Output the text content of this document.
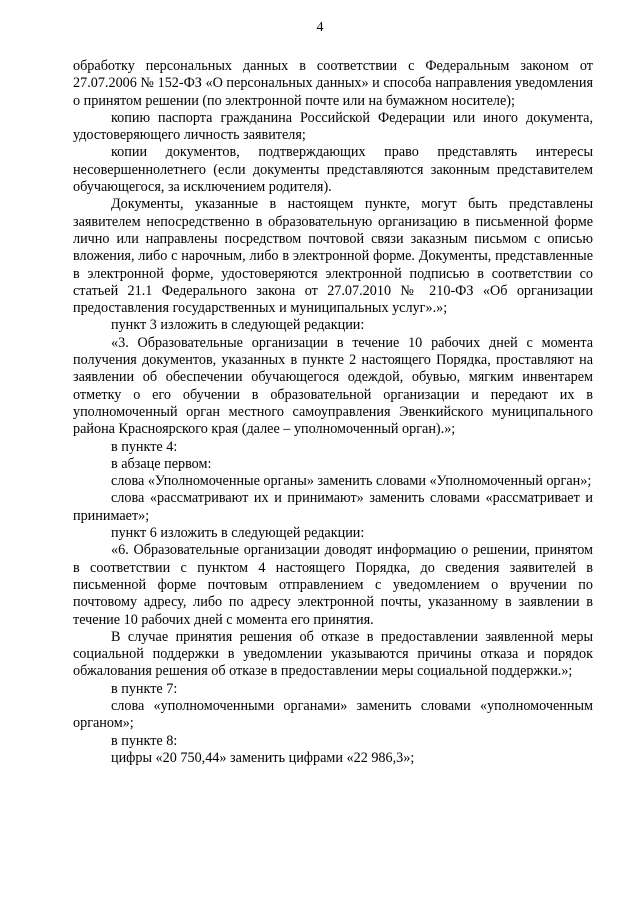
4

обработку персональных данных в соответствии с Федеральным законом от 27.07.2006 № 152-ФЗ «О персональных данных» и способа направления уведомления о принятом решении (по электронной почте или на бумажном носителе);

копию паспорта гражданина Российской Федерации или иного документа, удостоверяющего личность заявителя;

копии документов, подтверждающих право представлять интересы несовершеннолетнего (если документы представляются законным представителем обучающегося, за исключением родителя).

Документы, указанные в настоящем пункте, могут быть представлены заявителем непосредственно в образовательную организацию в письменной форме лично или направлены посредством почтовой связи заказным письмом с описью вложения, либо с нарочным, либо в электронной форме. Документы, представленные в электронной форме, удостоверяются электронной подписью в соответствии со статьей 21.1 Федерального закона от 27.07.2010 № 210-ФЗ «Об организации предоставления государственных и муниципальных услуг».»;

пункт 3 изложить в следующей редакции:

«3. Образовательные организации в течение 10 рабочих дней с момента получения документов, указанных в пункте 2 настоящего Порядка, проставляют на заявлении об обеспечении обучающегося одеждой, обувью, мягким инвентарем отметку о его обучении в образовательной организации и передают их в уполномоченный орган местного самоуправления Эвенкийского муниципального района Красноярского края (далее – уполномоченный орган).»;

в пункте 4:

в абзаце первом:

слова «Уполномоченные органы» заменить словами «Уполномоченный орган»;

слова «рассматривают их и принимают» заменить словами «рассматривает и принимает»;

пункт 6 изложить в следующей редакции:

«6. Образовательные организации доводят информацию о решении, принятом в соответствии с пунктом 4 настоящего Порядка, до сведения заявителей в письменной форме почтовым отправлением с уведомлением о вручении по почтовому адресу, либо по адресу электронной почты, указанному в заявлении в течение 10 рабочих дней с момента его принятия.

В случае принятия решения об отказе в предоставлении заявленной меры социальной поддержки в уведомлении указываются причины отказа и порядок обжалования решения об отказе в предоставлении меры социальной поддержки.»;

в пункте 7:

слова «уполномоченными органами» заменить словами «уполномоченным органом»;

в пункте 8:

цифры «20 750,44» заменить цифрами «22 986,3»;
